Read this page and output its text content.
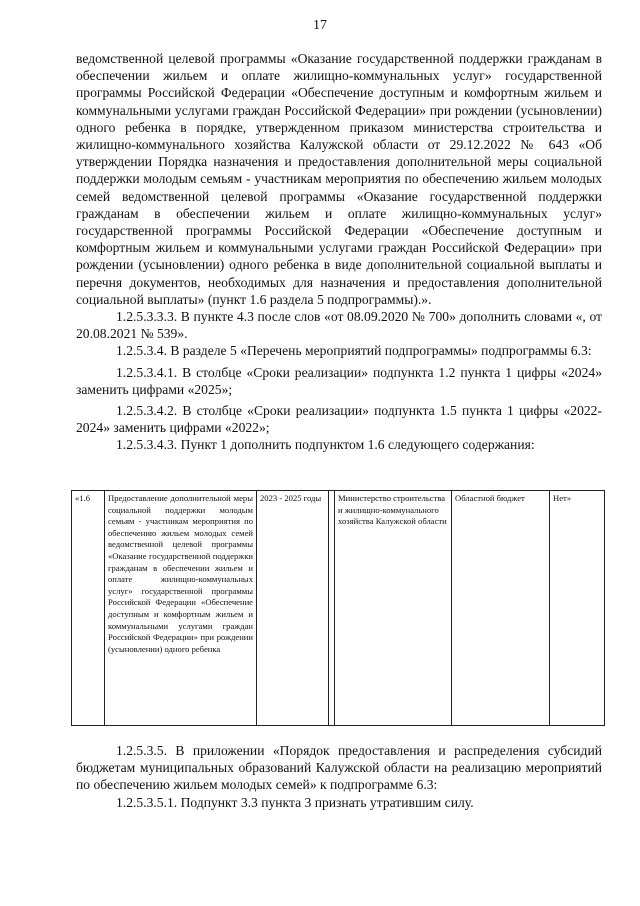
17

ведомственной целевой программы «Оказание государственной поддержки гражданам в обеспечении жильем и оплате жилищно-коммунальных услуг» государственной программы Российской Федерации «Обеспечение доступным и комфортным жильем и коммунальными услугами граждан Российской Федерации» при рождении (усыновлении) одного ребенка в порядке, утвержденном приказом министерства строительства и жилищно-коммунального хозяйства Калужской области от 29.12.2022 № 643 «Об утверждении Порядка назначения и предоставления дополнительной меры социальной поддержки молодым семьям - участникам мероприятия по обеспечению жильем молодых семей ведомственной целевой программы «Оказание государственной поддержки гражданам в обеспечении жильем и оплате жилищно-коммунальных услуг» государственной программы Российской Федерации «Обеспечение доступным и комфортным жильем и коммунальными услугами граждан Российской Федерации» при рождении (усыновлении) одного ребенка в виде дополнительной социальной выплаты и перечня документов, необходимых для назначения и предоставления дополнительной социальной выплаты» (пункт 1.6 раздела 5 подпрограммы).».

1.2.5.3.3.3. В пункте 4.3 после слов «от 08.09.2020 № 700» дополнить словами «, от 20.08.2021 № 539».

1.2.5.3.4. В разделе 5 «Перечень мероприятий подпрограммы» подпрограммы 6.3:

1.2.5.3.4.1. В столбце «Сроки реализации» подпункта 1.2 пункта 1 цифры «2024» заменить цифрами «2025»;

1.2.5.3.4.2. В столбце «Сроки реализации» подпункта 1.5 пункта 1 цифры «2022-2024» заменить цифрами «2022»;

1.2.5.3.4.3. Пункт 1 дополнить подпунктом 1.6 следующего содержания:

«1.6	Предоставление дополнительной меры социальной поддержки молодым семьям - участникам мероприятия по обеспечению жильем молодых семей ведомственной целевой программы «Оказание государственной поддержки гражданам в обеспечении жильем и оплате жилищно-коммунальных услуг» государственной программы Российской Федерации «Обеспечение доступным и комфортным жильем и коммунальными услугами граждан Российской Федерации» при рождении (усыновлении) одного ребенка	2023 - 2025 годы		Министерство строительства и жилищно-коммунального хозяйства Калужской области	Областной бюджет	Нет»

1.2.5.3.5. В приложении «Порядок предоставления и распределения субсидий бюджетам муниципальных образований Калужской области на реализацию мероприятий по обеспечению жильем молодых семей» к подпрограмме 6.3:

1.2.5.3.5.1. Подпункт 3.3 пункта 3 признать утратившим силу.
